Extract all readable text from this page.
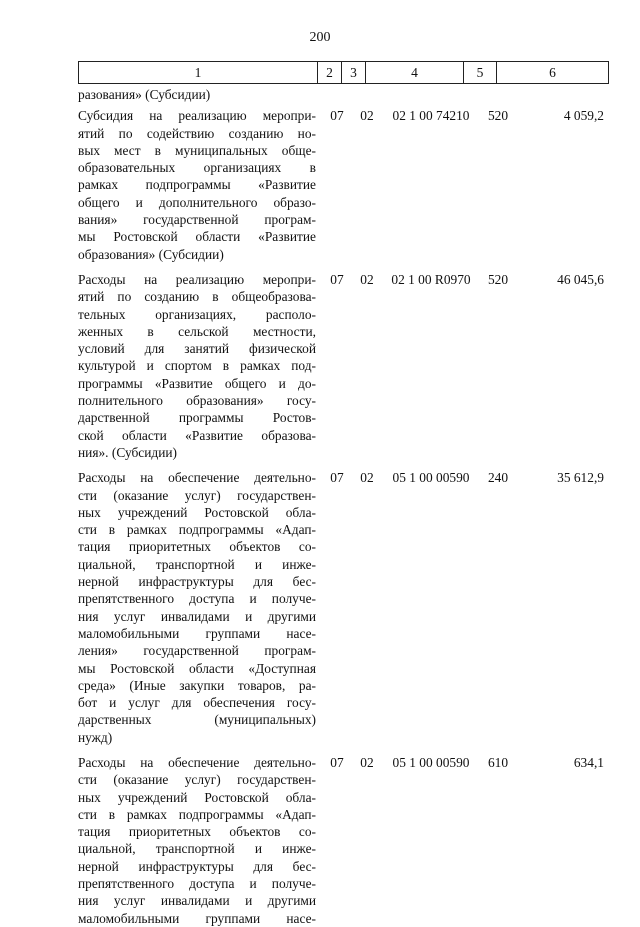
200
1	2	3	4	5	6
разования» (Субсидии)
Субсидия на реализацию меропри-
ятий по содействию созданию но-
вых мест в муниципальных обще-
образовательных организациях в
рамках подпрограммы «Развитие
общего и дополнительного образо-
вания» государственной програм-
мы Ростовской области «Развитие
образования» (Субсидии)
07	02	02 1 00 74210	520	4 059,2
Расходы на реализацию меропри-
ятий по созданию в общеобразова-
тельных организациях, располо-
женных в сельской местности,
условий для занятий физической
культурой и спортом в рамках под-
программы «Развитие общего и до-
полнительного образования» госу-
дарственной программы Ростов-
ской области «Развитие образова-
ния». (Субсидии)
07	02	02 1 00 R0970	520	46 045,6
Расходы на обеспечение деятельно-
сти (оказание услуг) государствен-
ных учреждений Ростовской обла-
сти в рамках подпрограммы «Адап-
тация приоритетных объектов со-
циальной, транспортной и инже-
нерной инфраструктуры для бес-
препятственного доступа и получе-
ния услуг инвалидами и другими
маломобильными группами насе-
ления» государственной програм-
мы Ростовской области «Доступная
среда» (Иные закупки товаров, ра-
бот и услуг для обеспечения госу-
дарственных (муниципальных)
нужд)
07	02	05 1 00 00590	240	35 612,9
Расходы на обеспечение деятельно-
сти (оказание услуг) государствен-
ных учреждений Ростовской обла-
сти в рамках подпрограммы «Адап-
тация приоритетных объектов со-
циальной, транспортной и инже-
нерной инфраструктуры для бес-
препятственного доступа и получе-
ния услуг инвалидами и другими
маломобильными группами насе-
07	02	05 1 00 00590	610	634,1
